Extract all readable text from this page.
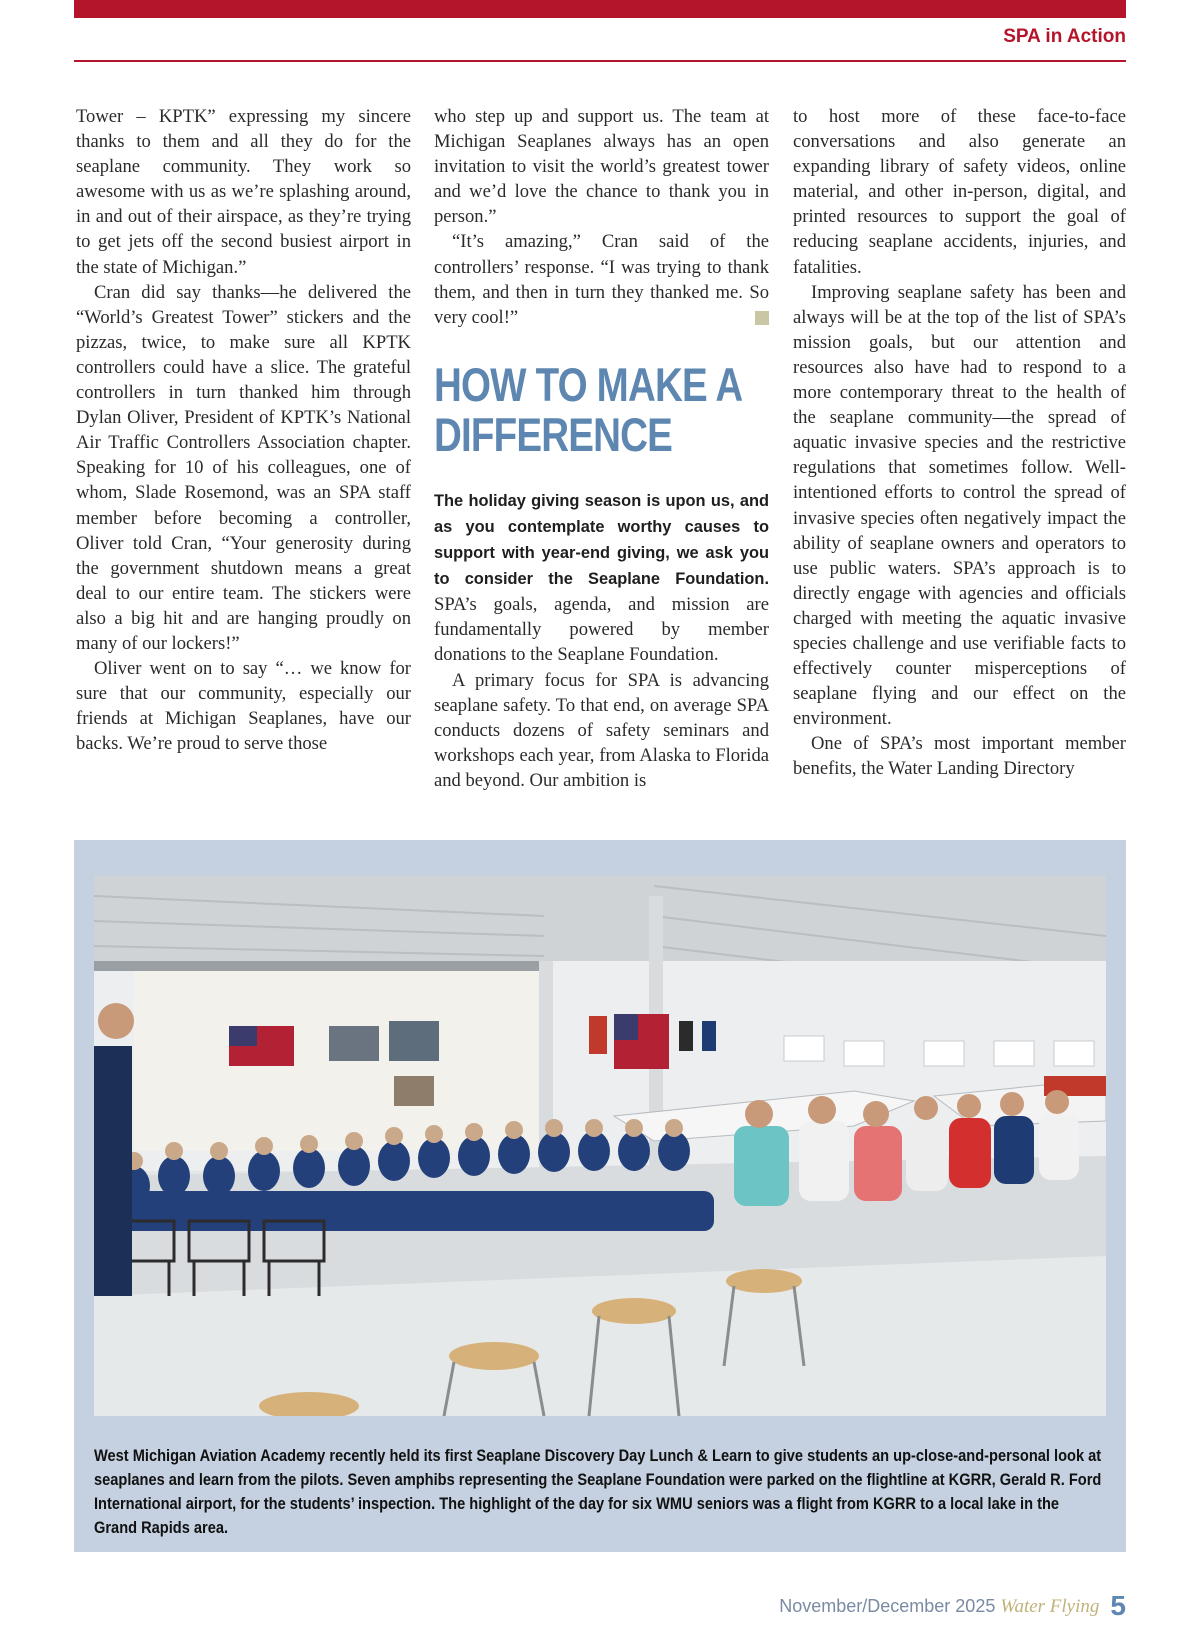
SPA in Action

Tower – KPTK” expressing my sincere thanks to them and all they do for the seaplane community. They work so awesome with us as we’re splashing around, in and out of their airspace, as they’re trying to get jets off the second busiest airport in the state of Michigan.”

Cran did say thanks—he delivered the “World’s Greatest Tower” stickers and the pizzas, twice, to make sure all KPTK controllers could have a slice. The grateful controllers in turn thanked him through Dylan Oliver, President of KPTK’s National Air Traffic Controllers Association chapter. Speaking for 10 of his colleagues, one of whom, Slade Rosemond, was an SPA staff member before becoming a controller, Oliver told Cran, “Your generosity during the government shutdown means a great deal to our entire team. The stickers were also a big hit and are hanging proudly on many of our lockers!”

Oliver went on to say “… we know for sure that our community, especially our friends at Michigan Seaplanes, have our backs. We’re proud to serve those

who step up and support us. The team at Michigan Seaplanes always has an open invitation to visit the world’s greatest tower and we’d love the chance to thank you in person.”

“It’s amazing,” Cran said of the controllers’ response. “I was trying to thank them, and then in turn they thanked me. So very cool!”

HOW TO MAKE A DIFFERENCE

The holiday giving season is upon us, and as you contemplate worthy causes to support with year-end giving, we ask you to consider the Seaplane Foundation. SPA’s goals, agenda, and mission are fundamentally powered by member donations to the Seaplane Foundation.

A primary focus for SPA is advancing seaplane safety. To that end, on average SPA conducts dozens of safety seminars and workshops each year, from Alaska to Florida and beyond. Our ambition is

to host more of these face-to-face conversations and also generate an expanding library of safety videos, online material, and other in-person, digital, and printed resources to support the goal of reducing seaplane accidents, injuries, and fatalities.

Improving seaplane safety has been and always will be at the top of the list of SPA’s mission goals, but our attention and resources also have had to respond to a more contemporary threat to the health of the seaplane community—the spread of aquatic invasive species and the restrictive regulations that sometimes follow. Well-intentioned efforts to control the spread of invasive species often negatively impact the ability of seaplane owners and operators to use public waters. SPA’s approach is to directly engage with agencies and officials charged with meeting the aquatic invasive species challenge and use verifiable facts to effectively counter misperceptions of seaplane flying and our effect on the environment.

One of SPA’s most important member benefits, the Water Landing Directory

West Michigan Aviation Academy recently held its first Seaplane Discovery Day Lunch & Learn to give students an up-close-and-personal look at seaplanes and learn from the pilots. Seven amphibs representing the Seaplane Foundation were parked on the flightline at KGRR, Gerald R. Ford International airport, for the students’ inspection. The highlight of the day for six WMU seniors was a flight from KGRR to a local lake in the Grand Rapids area.

November/December 2025 Water Flying 5
